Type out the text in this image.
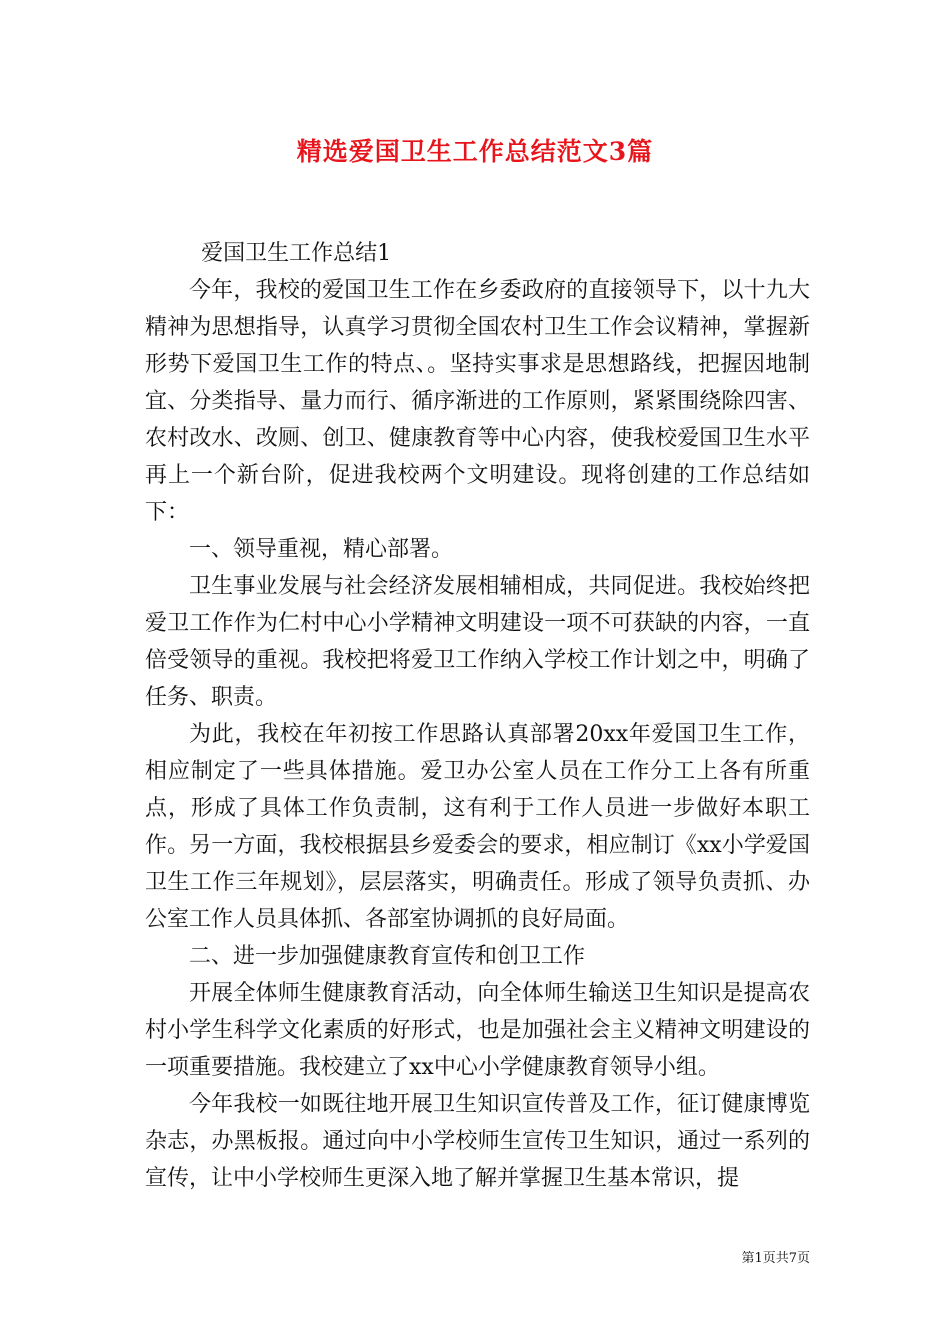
精选爱国卫生工作总结范文3篇

爱国卫生工作总结1

今年，我校的爱国卫生工作在乡委政府的直接领导下，以十九大精神为思想指导，认真学习贯彻全国农村卫生工作会议精神，掌握新形势下爱国卫生工作的特点、。坚持实事求是思想路线，把握因地制宜、分类指导、量力而行、循序渐进的工作原则，紧紧围绕除四害、农村改水、改厕、创卫、健康教育等中心内容，使我校爱国卫生水平再上一个新台阶，促进我校两个文明建设。现将创建的工作总结如下：

一、领导重视，精心部署。

卫生事业发展与社会经济发展相辅相成，共同促进。我校始终把爱卫工作作为仁村中心小学精神文明建设一项不可获缺的内容，一直倍受领导的重视。我校把将爱卫工作纳入学校工作计划之中，明确了任务、职责。

为此，我校在年初按工作思路认真部署20xx年爱国卫生工作，相应制定了一些具体措施。爱卫办公室人员在工作分工上各有所重点，形成了具体工作负责制，这有利于工作人员进一步做好本职工作。另一方面，我校根据县乡爱委会的要求，相应制订《xx小学爱国卫生工作三年规划》，层层落实，明确责任。形成了领导负责抓、办公室工作人员具体抓、各部室协调抓的良好局面。

二、进一步加强健康教育宣传和创卫工作

开展全体师生健康教育活动，向全体师生输送卫生知识是提高农村小学生科学文化素质的好形式，也是加强社会主义精神文明建设的一项重要措施。我校建立了xx中心小学健康教育领导小组。

今年我校一如既往地开展卫生知识宣传普及工作，征订健康博览杂志，办黑板报。通过向中小学校师生宣传卫生知识，通过一系列的宣传，让中小学校师生更深入地了解并掌握卫生基本常识，提

第1页共7页
